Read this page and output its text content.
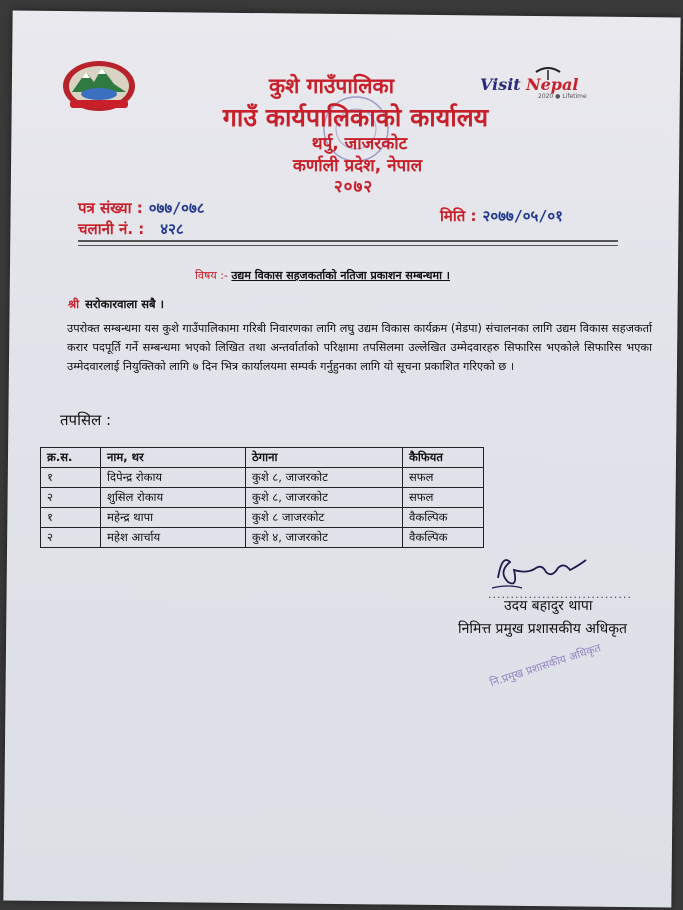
Visit Nepal
2020 ● Lifetime
कुशे गाउँपालिका
गाउँ कार्यपालिकाको कार्यालय
थर्पु, जाजरकोट
कर्णाली प्रदेश, नेपाल
२०७२
पत्र संख्या : ०७७/०७८
चलानी नं. : ४२८
मिति : २०७७/०५/०१
विषय :- उद्यम विकास सहजकर्ताको नतिजा प्रकाशन सम्बन्धमा ।
श्री सरोकारवाला सबै ।
उपरोक्त सम्बन्धमा यस कुशे गाउँपालिकामा गरिबी निवारणका लागि लघु उद्यम विकास कार्यक्रम (मेडपा) संचालनका लागि उद्यम विकास सहजकर्ता करार पदपूर्ति गर्ने सम्बन्धमा भएको लिखित तथा अन्तर्वार्ताको परिक्षामा तपसिलमा उल्लेखित उम्मेदवारहरु सिफारिस भएकोले सिफारिस भएका उम्मेदवारलाई नियुक्तिको लागि ७ दिन भित्र कार्यालयमा सम्पर्क गर्नुहुनका लागि यो सूचना प्रकाशित गरिएको छ ।
तपसिल :
क्र.स.	नाम, थर	ठेगाना	कैफियत
१	दिपेन्द्र रोकाय	कुशे ८, जाजरकोट	सफल
२	शुसिल रोकाय	कुशे ८, जाजरकोट	सफल
१	महेन्द्र थापा	कुशे ८ जाजरकोट	वैकल्पिक
२	महेश आर्चाय	कुशे ४, जाजरकोट	वैकल्पिक
................................
उदय बहादुर थापा
निमित्त प्रमुख प्रशासकीय अधिकृत
नि.प्रमुख प्रशासकीय अधिकृत
